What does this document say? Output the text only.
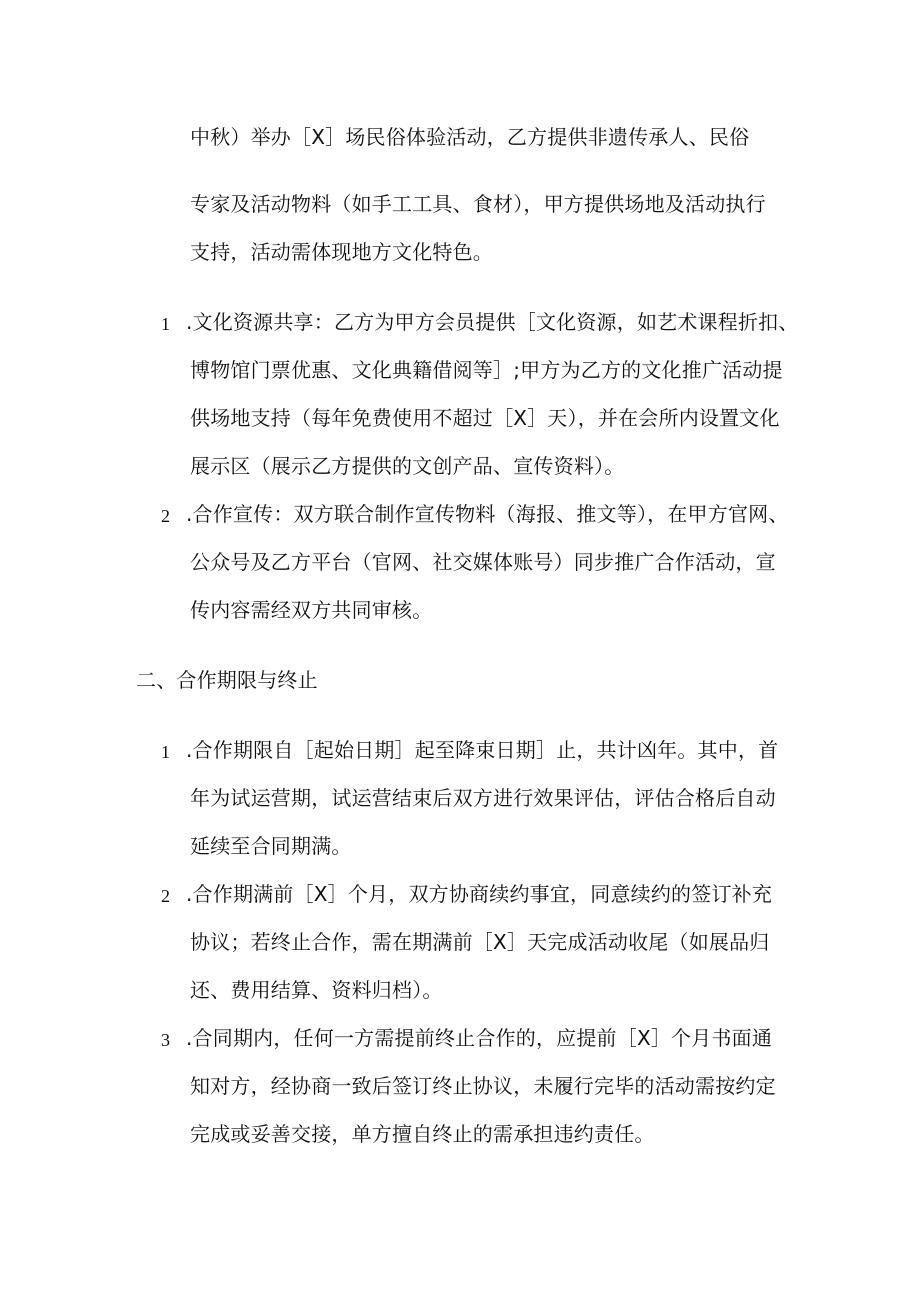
中秋）举办［X］场民俗体验活动，乙方提供非遗传承人、民俗
专家及活动物料（如手工工具、食材），甲方提供场地及活动执行
支持，活动需体现地方文化特色。
1 .文化资源共享：乙方为甲方会员提供［文化资源，如艺术课程折扣、
博物馆门票优惠、文化典籍借阅等］;甲方为乙方的文化推广活动提
供场地支持（每年免费使用不超过［X］天），并在会所内设置文化
展示区（展示乙方提供的文创产品、宣传资料）。
2 .合作宣传：双方联合制作宣传物料（海报、推文等），在甲方官网、
公众号及乙方平台（官网、社交媒体账号）同步推广合作活动，宣
传内容需经双方共同审核。
二、合作期限与终止
1 .合作期限自［起始日期］起至降束日期］止，共计凶年。其中，首
年为试运营期，试运营结束后双方进行效果评估，评估合格后自动
延续至合同期满。
2 .合作期满前［X］个月，双方协商续约事宜，同意续约的签订补充
协议；若终止合作，需在期满前［X］天完成活动收尾（如展品归
还、费用结算、资料归档）。
3 .合同期内，任何一方需提前终止合作的，应提前［X］个月书面通
知对方，经协商一致后签订终止协议，未履行完毕的活动需按约定
完成或妥善交接，单方擅自终止的需承担违约责任。
